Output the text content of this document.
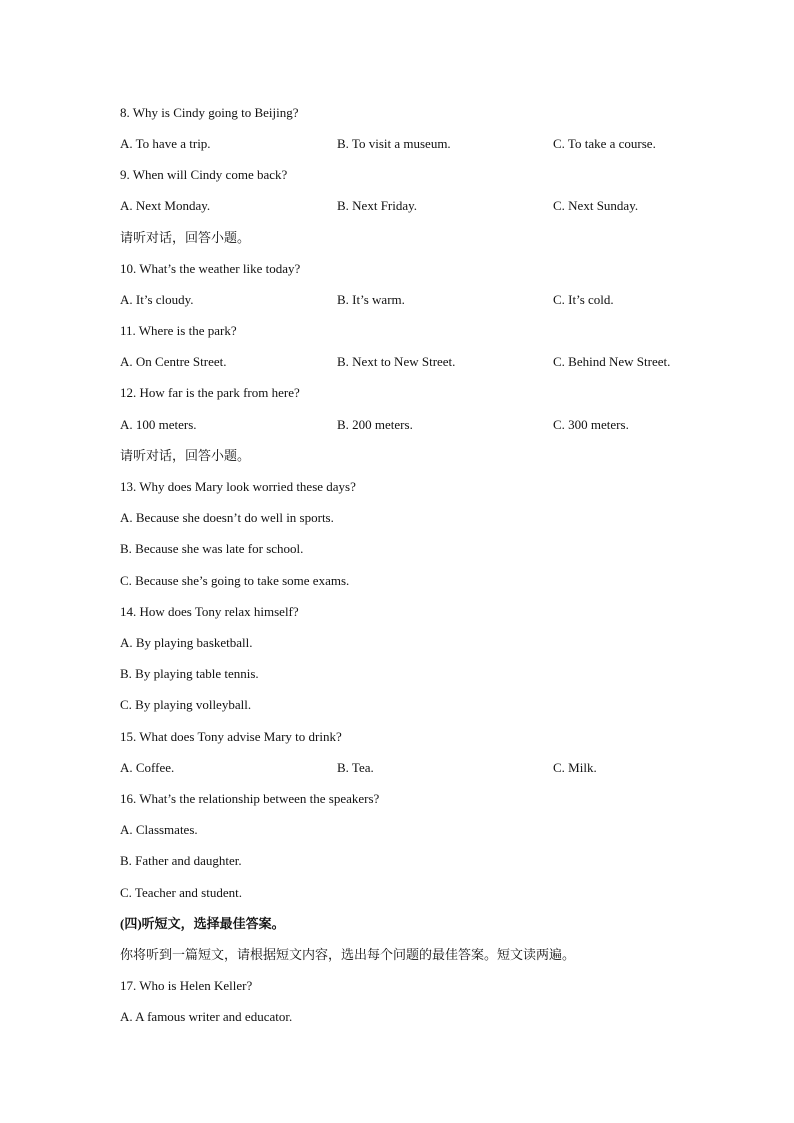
8. Why is Cindy going to Beijing?
A. To have a trip.	B. To visit a museum.	C. To take a course.
9. When will Cindy come back?
A. Next Monday.	B. Next Friday.	C. Next Sunday.
请听对话，回答小题。
10. What’s the weather like today?
A. It’s cloudy.	B. It’s warm.	C. It’s cold.
11. Where is the park?
A. On Centre Street.	B. Next to New Street.	C. Behind New Street.
12. How far is the park from here?
A. 100 meters.	B. 200 meters.	C. 300 meters.
请听对话，回答小题。
13. Why does Mary look worried these days?
A. Because she doesn’t do well in sports.
B. Because she was late for school.
C. Because she’s going to take some exams.
14. How does Tony relax himself?
A. By playing basketball.
B. By playing table tennis.
C. By playing volleyball.
15. What does Tony advise Mary to drink?
A. Coffee.	B. Tea.	C. Milk.
16. What’s the relationship between the speakers?
A. Classmates.
B. Father and daughter.
C. Teacher and student.
(四)听短文，选择最佳答案。
你将听到一篇短文，请根据短文内容，选出每个问题的最佳答案。短文读两遍。
17. Who is Helen Keller?
A. A famous writer and educator.
